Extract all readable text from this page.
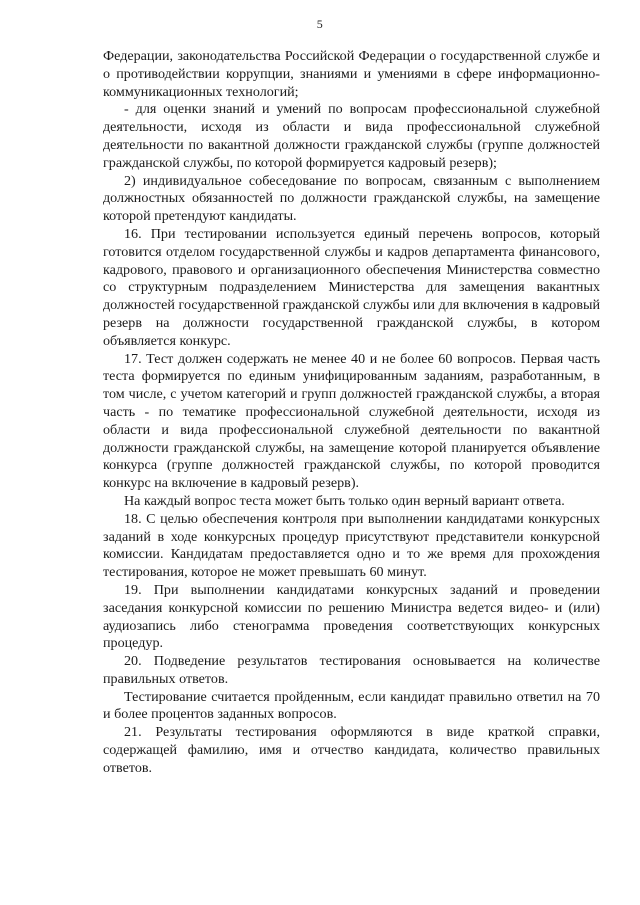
5

Федерации, законодательства Российской Федерации о государственной службе и о противодействии коррупции, знаниями и умениями в сфере информационно-коммуникационных технологий;

- для оценки знаний и умений по вопросам профессиональной служебной деятельности, исходя из области и вида профессиональной служебной деятельности по вакантной должности гражданской службы (группе должностей гражданской службы, по которой формируется кадровый резерв);

2) индивидуальное собеседование по вопросам, связанным с выполнением должностных обязанностей по должности гражданской службы, на замещение которой претендуют кандидаты.

16. При тестировании используется единый перечень вопросов, который готовится отделом государственной службы и кадров департамента финансового, кадрового, правового и организационного обеспечения Министерства совместно со структурным подразделением Министерства для замещения вакантных должностей государственной гражданской службы или для включения в кадровый резерв на должности государственной гражданской службы, в котором объявляется конкурс.

17. Тест должен содержать не менее 40 и не более 60 вопросов. Первая часть теста формируется по единым унифицированным заданиям, разработанным, в том числе, с учетом категорий и групп должностей гражданской службы, а вторая часть - по тематике профессиональной служебной деятельности, исходя из области и вида профессиональной служебной деятельности по вакантной должности гражданской службы, на замещение которой планируется объявление конкурса (группе должностей гражданской службы, по которой проводится конкурс на включение в кадровый резерв).

На каждый вопрос теста может быть только один верный вариант ответа.

18. С целью обеспечения контроля при выполнении кандидатами конкурсных заданий в ходе конкурсных процедур присутствуют представители конкурсной комиссии. Кандидатам предоставляется одно и то же время для прохождения тестирования, которое не может превышать 60 минут.

19. При выполнении кандидатами конкурсных заданий и проведении заседания конкурсной комиссии по решению Министра ведется видео- и (или) аудиозапись либо стенограмма проведения соответствующих конкурсных процедур.

20. Подведение результатов тестирования основывается на количестве правильных ответов.

Тестирование считается пройденным, если кандидат правильно ответил на 70 и более процентов заданных вопросов.

21. Результаты тестирования оформляются в виде краткой справки, содержащей фамилию, имя и отчество кандидата, количество правильных ответов.
